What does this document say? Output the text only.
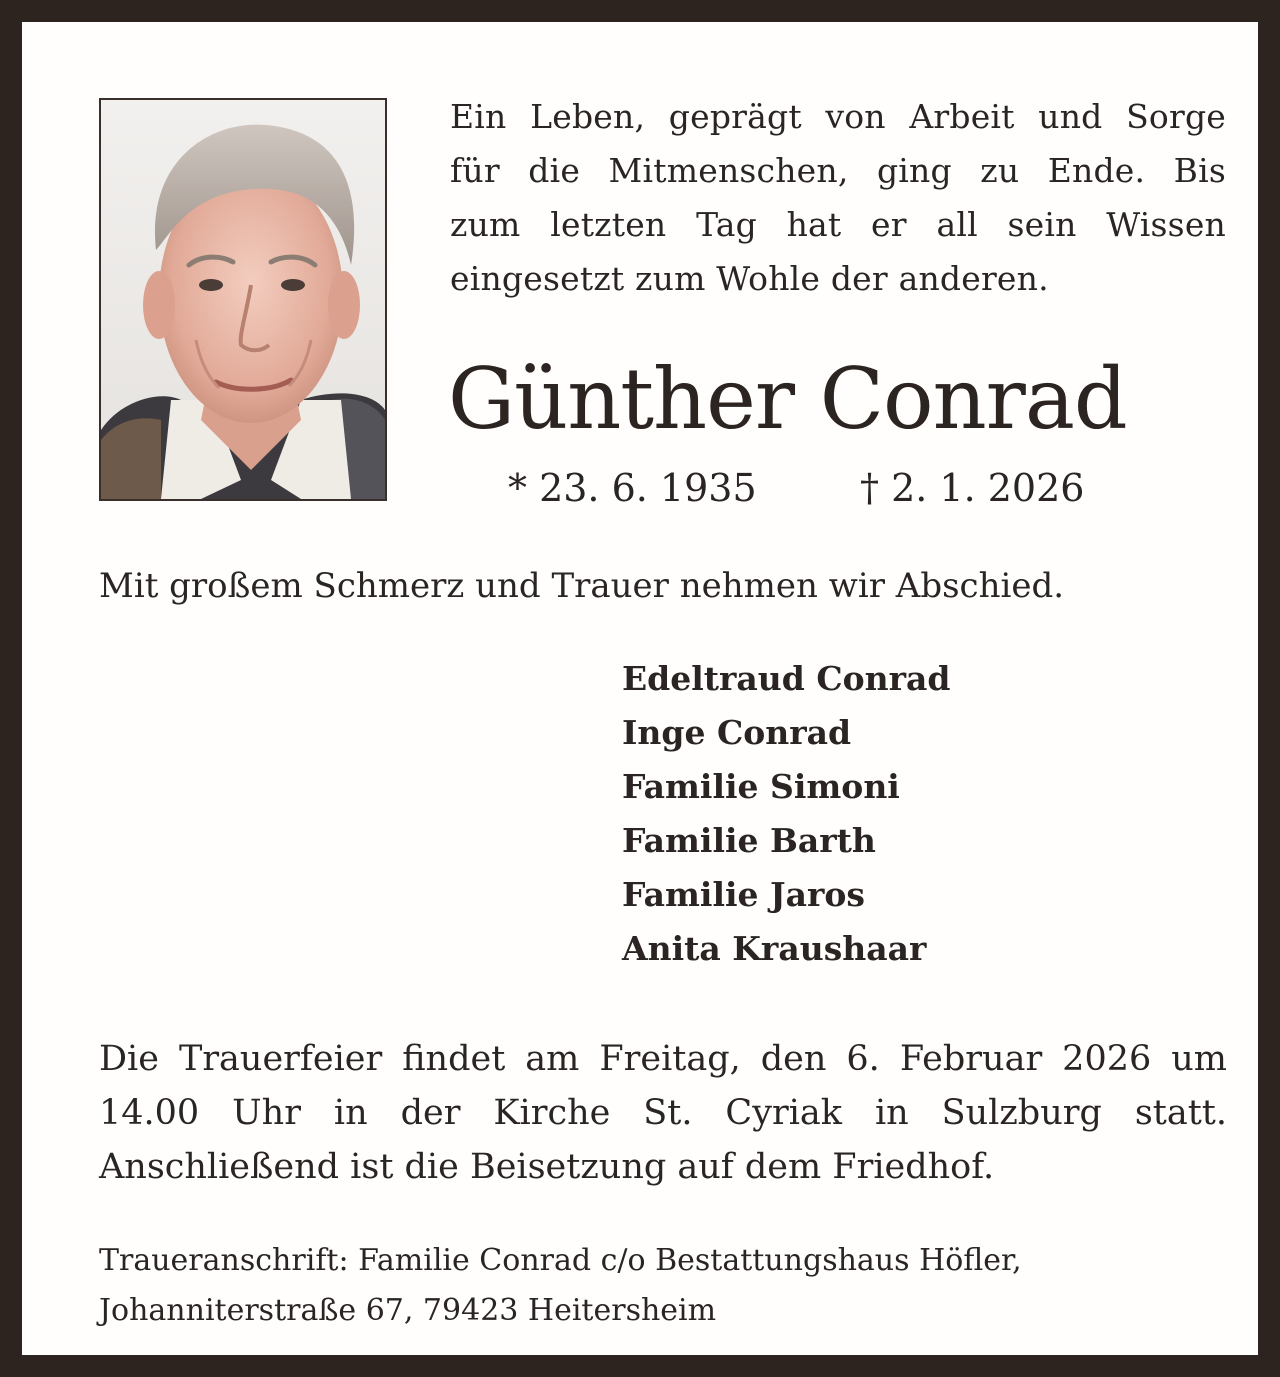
Ein Leben, geprägt von Arbeit und Sorge
für die Mitmenschen, ging zu Ende. Bis
zum letzten Tag hat er all sein Wissen
eingesetzt zum Wohle der anderen.
Günther Conrad
* 23. 6. 1935	† 2. 1. 2026
Mit großem Schmerz und Trauer nehmen wir Abschied.
Edeltraud Conrad
Inge Conrad
Familie Simoni
Familie Barth
Familie Jaros
Anita Kraushaar
Die Trauerfeier findet am Freitag, den 6. Februar 2026 um
14.00 Uhr in der Kirche St. Cyriak in Sulzburg statt.
Anschließend ist die Beisetzung auf dem Friedhof.
Traueranschrift: Familie Conrad c/o Bestattungshaus Höfler,
Johanniterstraße 67, 79423 Heitersheim
